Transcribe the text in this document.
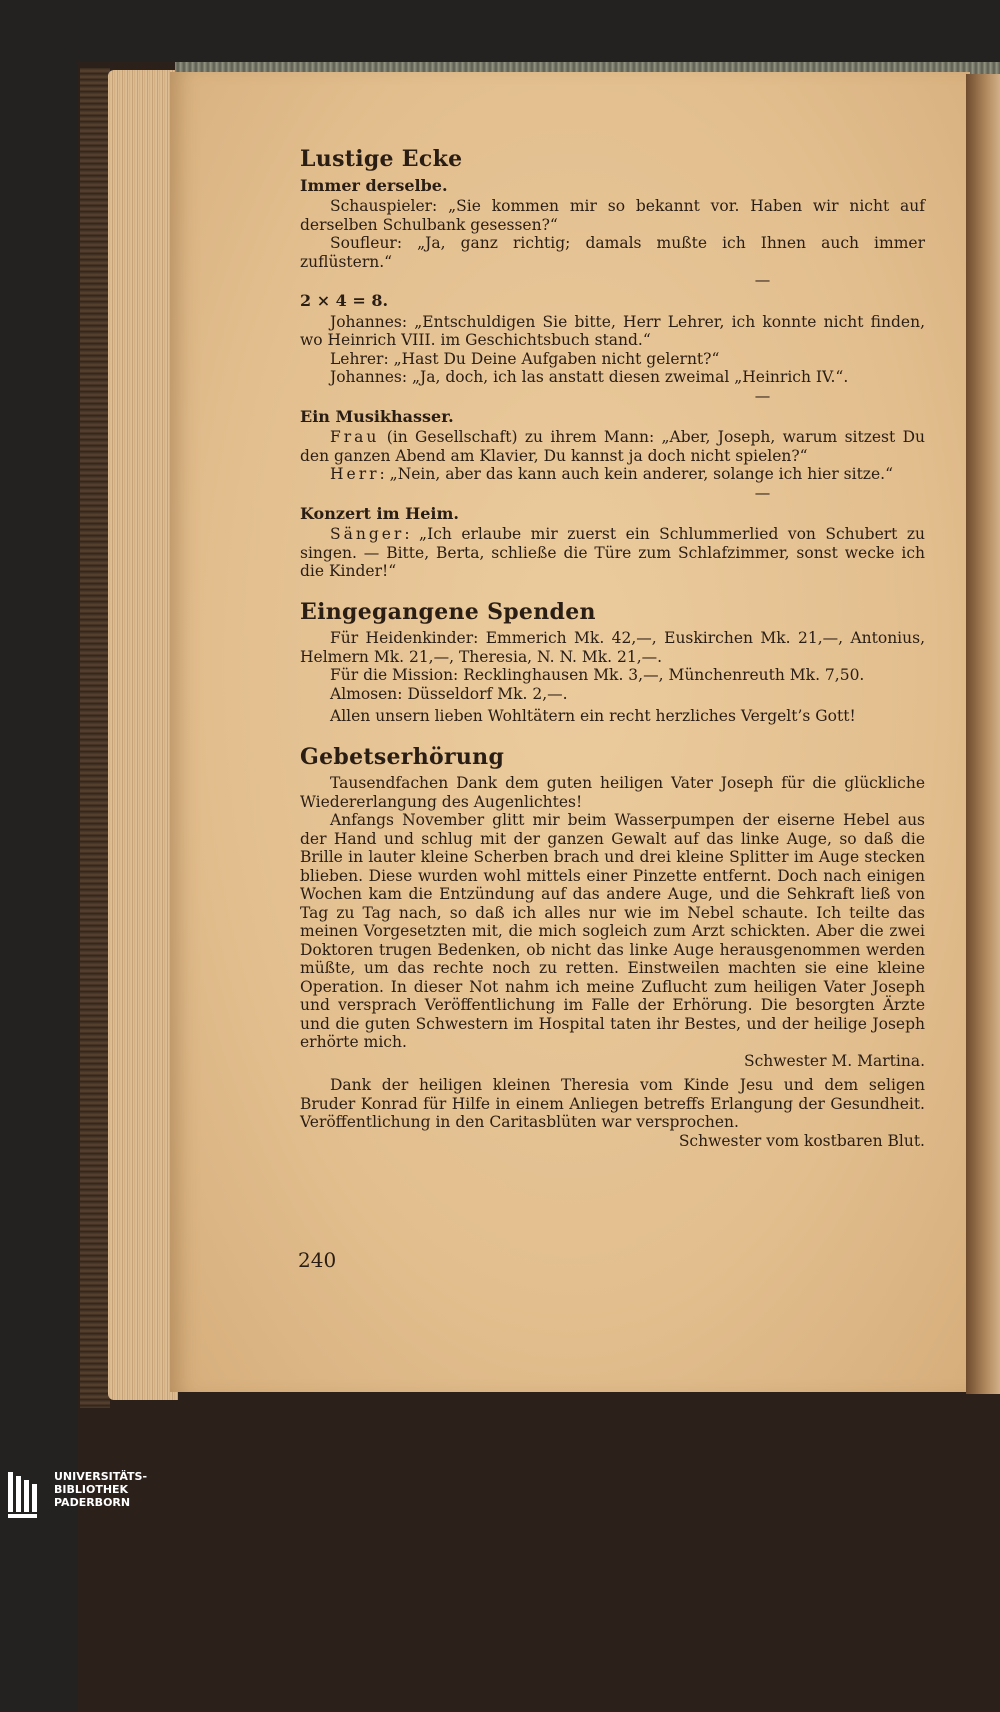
Lustige Ecke
Immer derselbe.

Schauspieler: „Sie kommen mir so bekannt vor. Haben wir nicht auf derselben Schulbank gesessen?“

Soufleur: „Ja, ganz richtig; damals mußte ich Ihnen auch immer zuflüstern.“

—

2 × 4 = 8.

Johannes: „Entschuldigen Sie bitte, Herr Lehrer, ich konnte nicht finden, wo Heinrich VIII. im Geschichtsbuch stand.“

Lehrer: „Hast Du Deine Aufgaben nicht gelernt?“

Johannes: „Ja, doch, ich las anstatt diesen zweimal „Heinrich IV.“.

—

Ein Musikhasser.

Frau (in Gesellschaft) zu ihrem Mann: „Aber, Joseph, warum sitzest Du den ganzen Abend am Klavier, Du kannst ja doch nicht spielen?“

Herr: „Nein, aber das kann auch kein anderer, solange ich hier sitze.“

—

Konzert im Heim.

Sänger: „Ich erlaube mir zuerst ein Schlummerlied von Schubert zu singen. — Bitte, Berta, schließe die Türe zum Schlafzimmer, sonst wecke ich die Kinder!“

Eingegangene Spenden

Für Heidenkinder: Emmerich Mk. 42,—, Euskirchen Mk. 21,—, Antonius, Helmern Mk. 21,—, Theresia, N. N. Mk. 21,—.

Für die Mission: Recklinghausen Mk. 3,—, Münchenreuth Mk. 7,50.

Almosen: Düsseldorf Mk. 2,—.

Allen unsern lieben Wohltätern ein recht herzliches Vergelt’s Gott!

Gebetserhörung

Tausendfachen Dank dem guten heiligen Vater Joseph für die glückliche Wiedererlangung des Augenlichtes!

Anfangs November glitt mir beim Wasserpumpen der eiserne Hebel aus der Hand und schlug mit der ganzen Gewalt auf das linke Auge, so daß die Brille in lauter kleine Scherben brach und drei kleine Splitter im Auge stecken blieben. Diese wurden wohl mittels einer Pinzette entfernt. Doch nach einigen Wochen kam die Entzündung auf das andere Auge, und die Sehkraft ließ von Tag zu Tag nach, so daß ich alles nur wie im Nebel schaute. Ich teilte das meinen Vorgesetzten mit, die mich sogleich zum Arzt schickten. Aber die zwei Doktoren trugen Bedenken, ob nicht das linke Auge herausgenommen werden müßte, um das rechte noch zu retten. Einstweilen machten sie eine kleine Operation. In dieser Not nahm ich meine Zuflucht zum heiligen Vater Joseph und versprach Veröffentlichung im Falle der Erhörung. Die besorgten Ärzte und die guten Schwestern im Hospital taten ihr Bestes, und der heilige Joseph erhörte mich.

Schwester M. Martina.

Dank der heiligen kleinen Theresia vom Kinde Jesu und dem seligen Bruder Konrad für Hilfe in einem Anliegen betreffs Erlangung der Gesundheit. Veröffentlichung in den Caritasblüten war versprochen.

Schwester vom kostbaren Blut.

240
UNIVERSITÄTS-
BIBLIOTHEK
PADERBORN
